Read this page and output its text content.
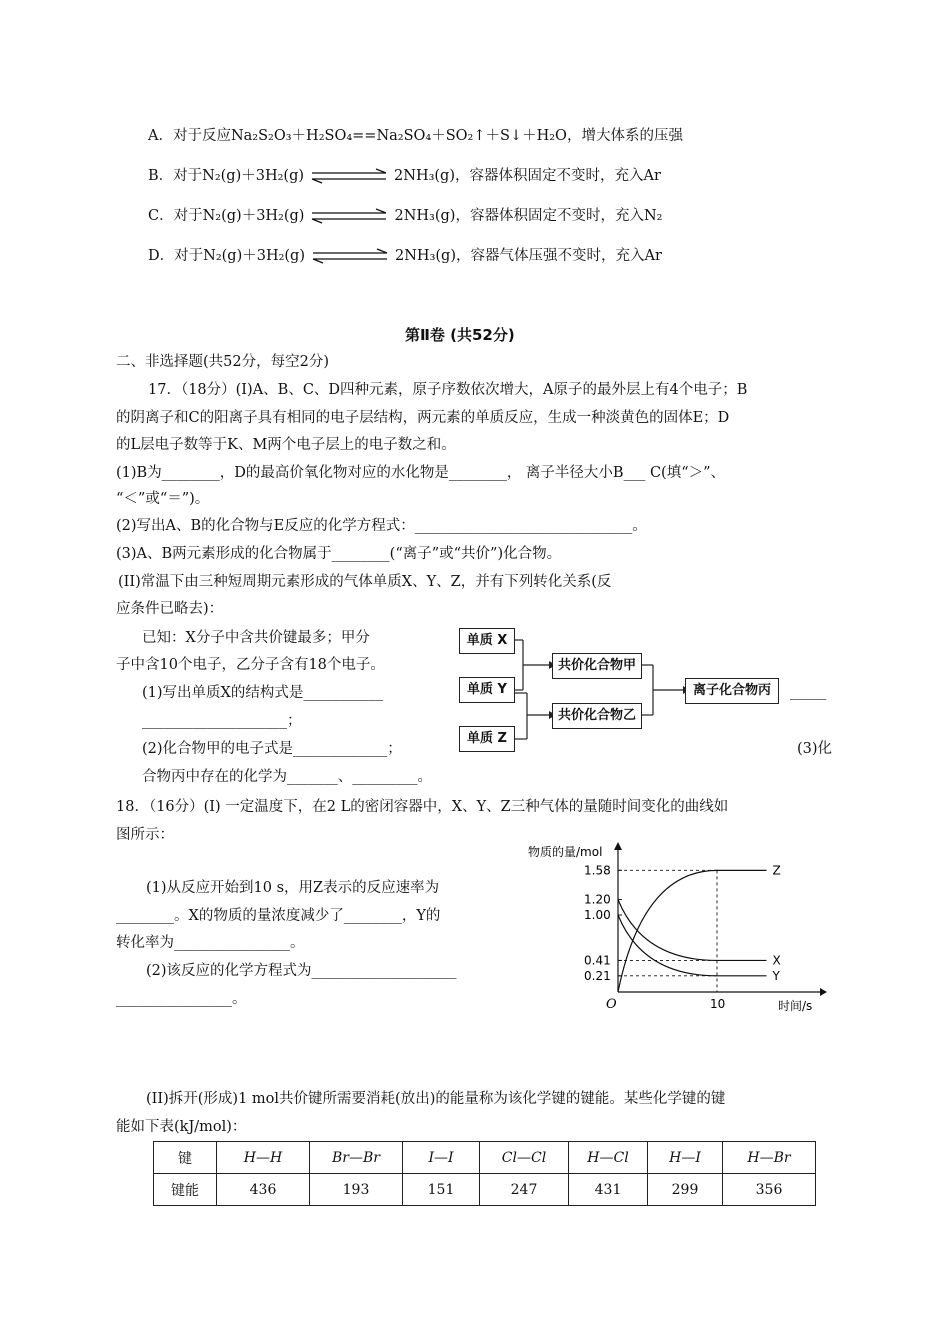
A．对于反应Na₂S₂O₃＋H₂SO₄==Na₂SO₄＋SO₂↑＋S↓＋H₂O，增大体系的压强
B．对于N₂(g)＋3H₂(g)	2NH₃(g)，容器体积固定不变时，充入Ar
C．对于N₂(g)＋3H₂(g)	2NH₃(g)，容器体积固定不变时，充入N₂
D．对于N₂(g)＋3H₂(g)	2NH₃(g)，容器气体压强不变时，充入Ar
第Ⅱ卷 (共52分)
二、非选择题(共52分，每空2分)
17．（18分）(Ⅰ)A、B、C、D四种元素，原子序数依次增大，A原子的最外层上有4个电子；B
的阴离子和C的阳离子具有相同的电子层结构，两元素的单质反应，生成一种淡黄色的固体E；D
的L层电子数等于K、M两个电子层上的电子数之和。
(1)B为________，D的最高价氧化物对应的水化物是________， 离子半径大小B___ C(填“＞”、
“＜”或“＝”)。
(2)写出A、B的化合物与E反应的化学方程式：______________________________。
(3)A、B两元素形成的化合物属于________(“离子”或“共价”)化合物。
(II)常温下由三种短周期元素形成的气体单质X、Y、Z，并有下列转化关系(反
应条件已略去)：
已知：X分子中含共价键最多；甲分
子中含10个电子，乙分子含有18个电子。
(1)写出单质X的结构式是___________
____________________；
(2)化合物甲的电子式是_____________；	(3)化
合物丙中存在的化学为_______、_________。
_____
单质 X
单质 Y
单质 Z
共价化合物甲
共价化合物乙
离子化合物丙
18．（16分）(I) 一定温度下，在2 L的密闭容器中，X、Y、Z三种气体的量随时间变化的曲线如
图所示：
(1)从反应开始到10 s，用Z表示的反应速率为
________。X的物质的量浓度减少了________，Y的
转化率为________________。
(2)该反应的化学方程式为____________________
________________。
物质的量/mol
时间/s
O
1.58
1.20
1.00
0.41
0.21
10
Z
X
Y
(II)拆开(形成)1 mol共价键所需要消耗(放出)的能量称为该化学键的键能。某些化学键的键
能如下表(kJ/mol)：
键	H—H	Br—Br	I—I	Cl—Cl	H—Cl	H—I	H—Br
键能	436	193	151	247	431	299	356
